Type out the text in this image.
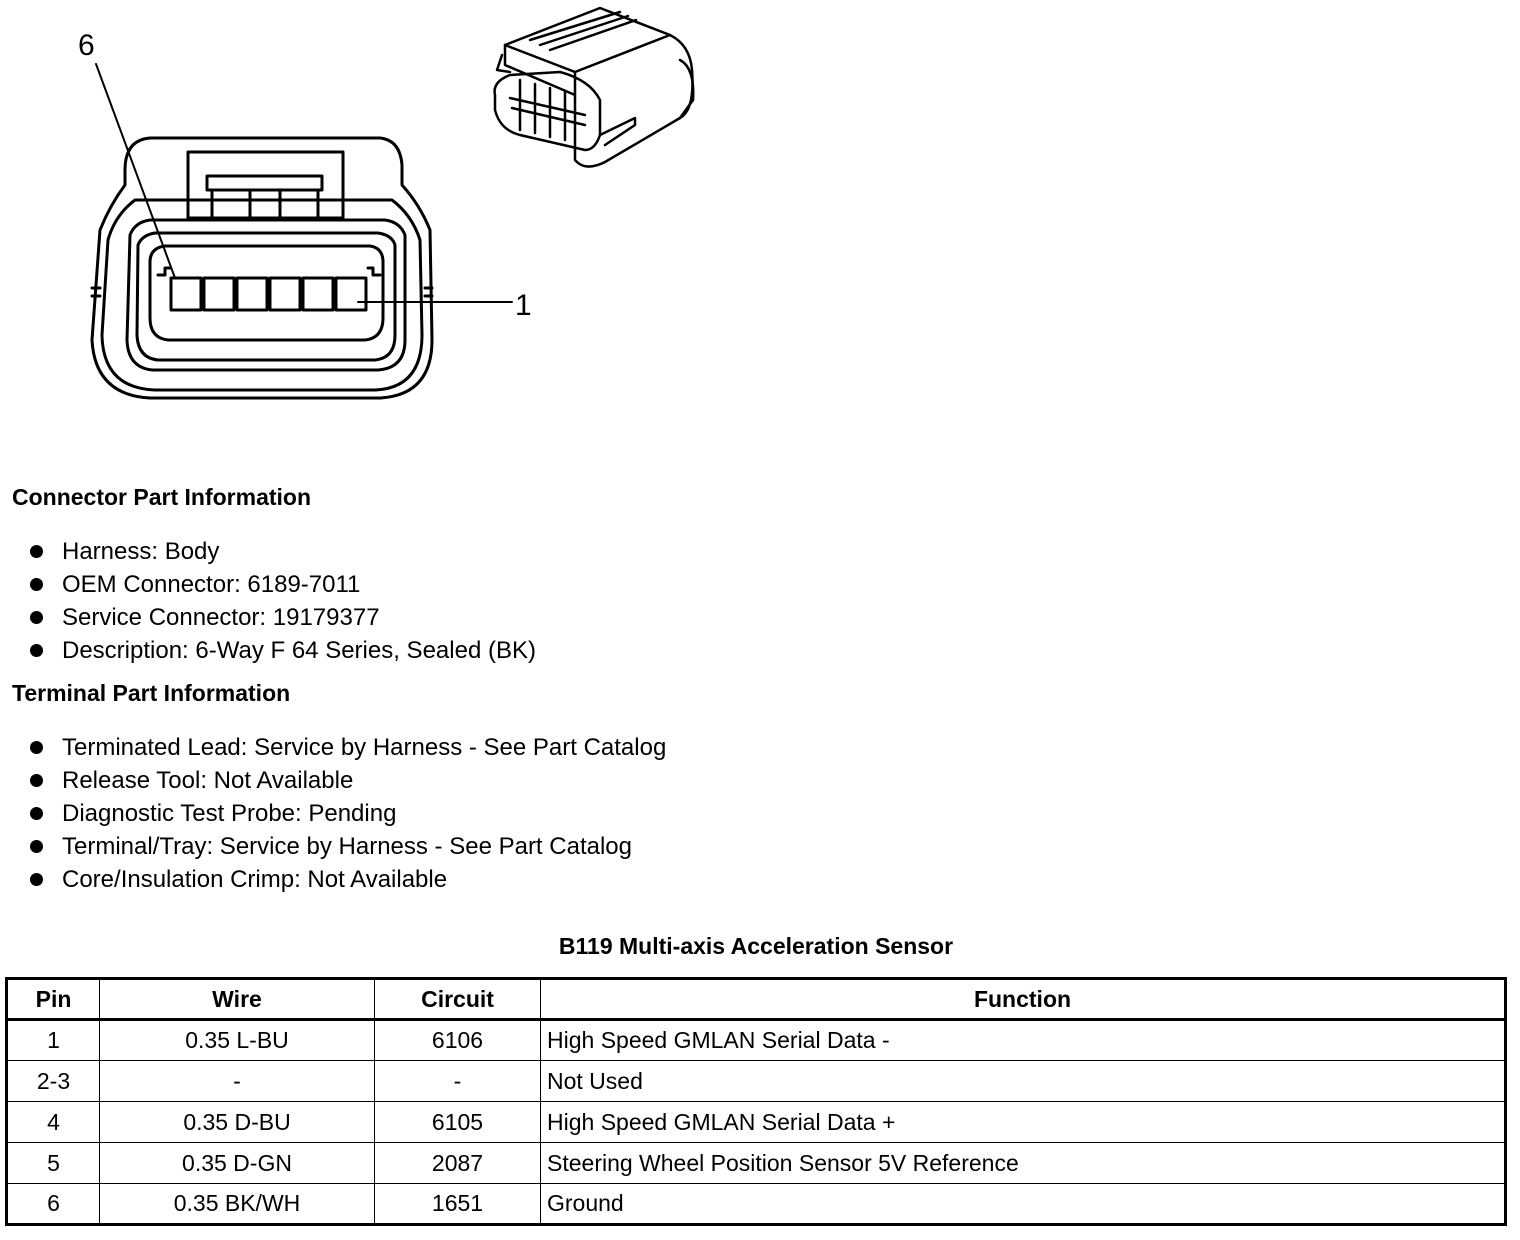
6
1
Connector Part Information
Harness: Body
OEM Connector: 6189-7011
Service Connector: 19179377
Description: 6-Way F 64 Series, Sealed (BK)
Terminal Part Information
Terminated Lead: Service by Harness - See Part Catalog
Release Tool: Not Available
Diagnostic Test Probe: Pending
Terminal/Tray: Service by Harness - See Part Catalog
Core/Insulation Crimp: Not Available
B119 Multi-axis Acceleration Sensor
Pin	Wire	Circuit	Function
1	0.35 L-BU	6106	High Speed GMLAN Serial Data -
2-3	-	-	Not Used
4	0.35 D-BU	6105	High Speed GMLAN Serial Data +
5	0.35 D-GN	2087	Steering Wheel Position Sensor 5V Reference
6	0.35 BK/WH	1651	Ground
